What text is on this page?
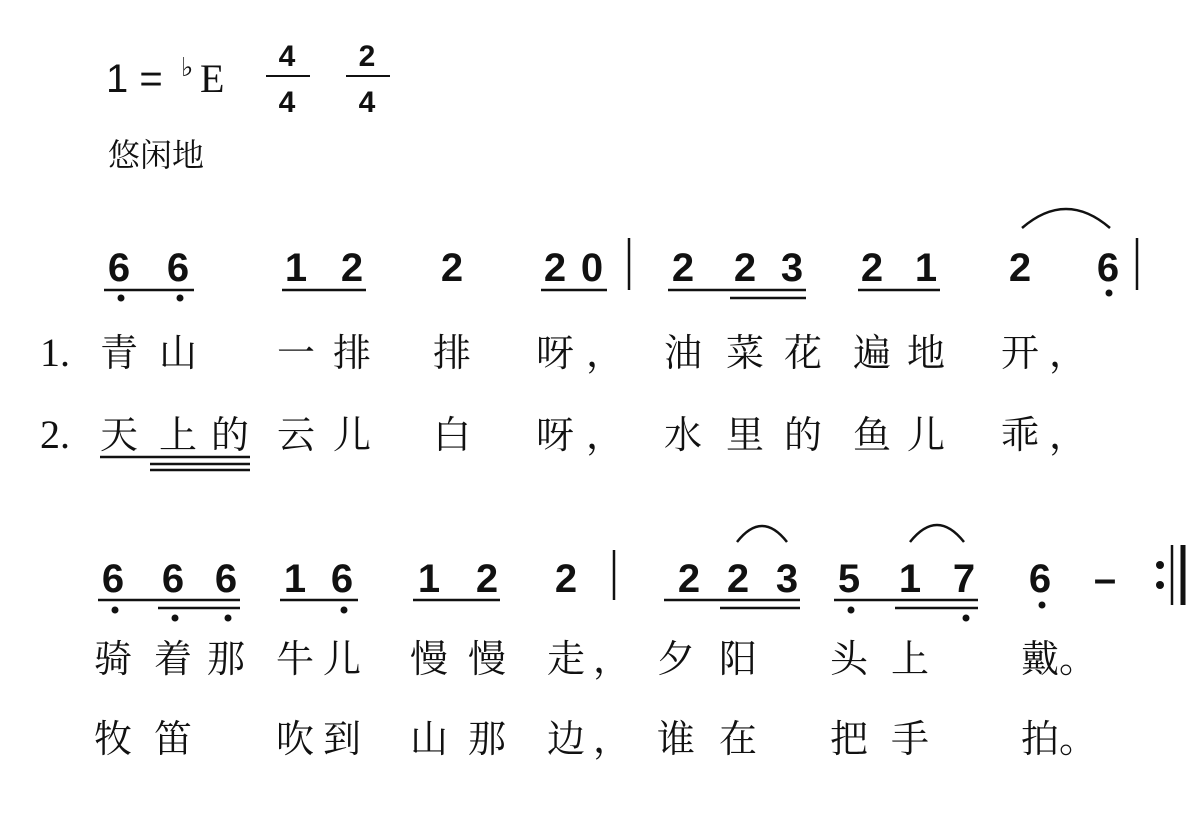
1 = ♭ E 4
4
2
4
悠闲地
6 6 1 2 2 2 0 2 2 3 2 1 2 6
1. 青 山 一 排 排 呀 ， 油 菜 花 遍 地 开 ，
2. 天 上 的 云 儿 白 呀 ， 水 里 的 鱼 儿 乖 ，
6 6 6 1 6 1 2 2	2 2 3 5 1 7 6 –
骑 着 那 牛 儿 慢 慢 走 ， 夕 阳 头 上 戴 。
牧 笛 吹 到 山 那 边 ， 谁 在 把 手 拍 。
